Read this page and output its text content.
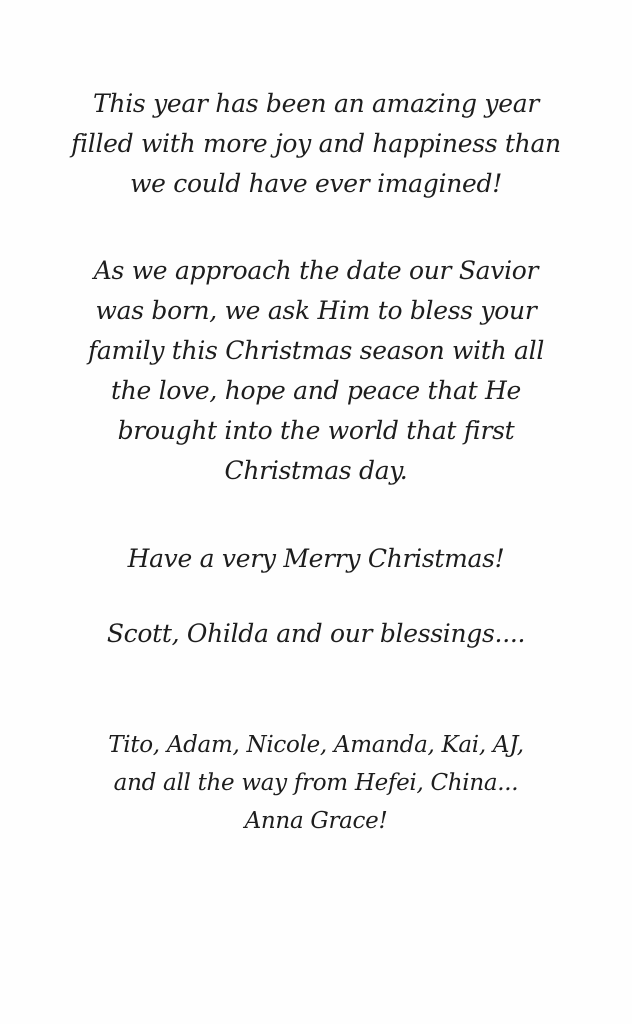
This year has been an amazing year
filled with more joy and happiness than
we could have ever imagined!

As we approach the date our Savior
was born, we ask Him to bless your
family this Christmas season with all
the love, hope and peace that He
brought into the world that first
Christmas day.

Have a very Merry Christmas!

Scott, Ohilda and our blessings....

Tito, Adam, Nicole, Amanda, Kai, AJ,
and all the way from Hefei, China...
Anna Grace!
